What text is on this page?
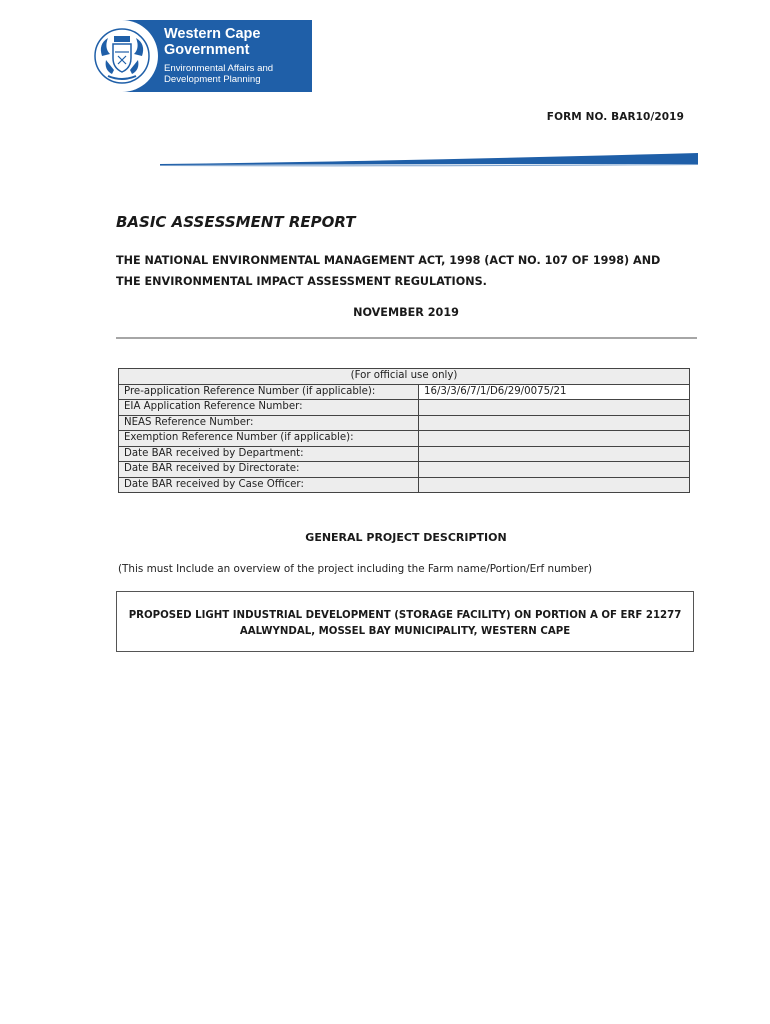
Western Cape
Government
Environmental Affairs and
Development Planning
FORM NO. BAR10/2019
BASIC ASSESSMENT REPORT
THE NATIONAL ENVIRONMENTAL MANAGEMENT ACT, 1998 (ACT NO. 107 OF 1998) AND
THE ENVIRONMENTAL IMPACT ASSESSMENT REGULATIONS.
NOVEMBER 2019
(For official use only)	
Pre-application Reference Number (if applicable):	16/3/3/6/7/1/D6/29/0075/21
EIA Application Reference Number:	
NEAS Reference Number:	
Exemption Reference Number (if applicable):	
Date BAR received by Department:	
Date BAR received by Directorate:	
Date BAR received by Case Officer:	
GENERAL PROJECT DESCRIPTION
(This must Include an overview of the project including the Farm name/Portion/Erf number)
PROPOSED LIGHT INDUSTRIAL DEVELOPMENT (STORAGE FACILITY) ON PORTION A OF ERF 21277
AALWYNDAL, MOSSEL BAY MUNICIPALITY, WESTERN CAPE
